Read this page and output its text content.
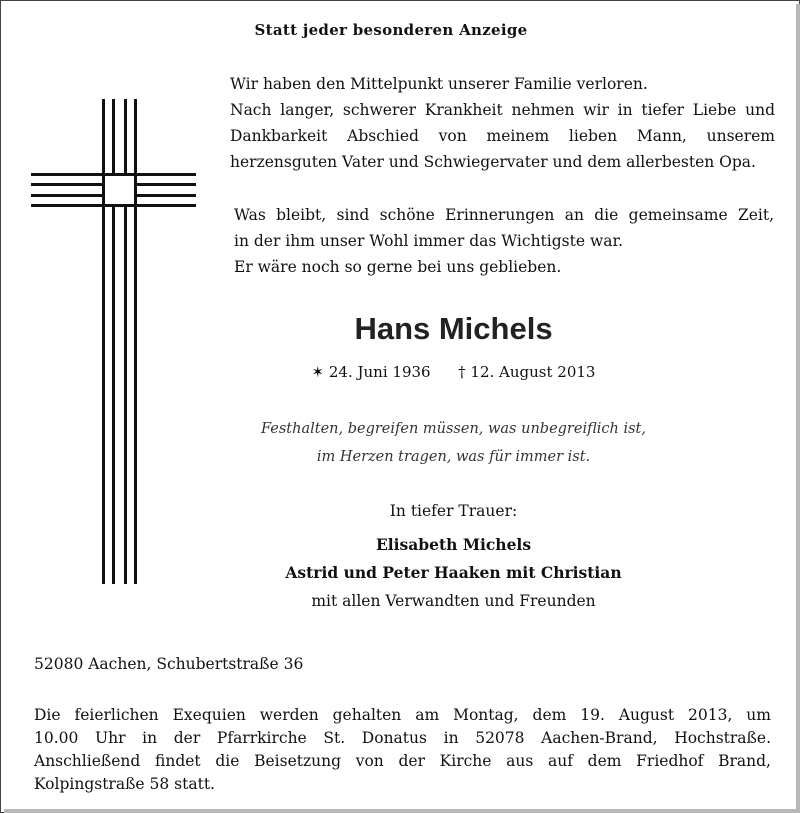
Statt jeder besonderen Anzeige
Wir haben den Mittelpunkt unserer Familie verloren.
Nach langer, schwerer Krankheit nehmen wir in tiefer Liebe und
Dankbarkeit Abschied von meinem lieben Mann, unserem
herzensguten Vater und Schwiegervater und dem allerbesten Opa.
Was bleibt, sind schöne Erinnerungen an die gemeinsame Zeit,
in der ihm unser Wohl immer das Wichtigste war.
Er wäre noch so gerne bei uns geblieben.
Hans Michels
✶ 24. Juni 1936 † 12. August 2013
Festhalten, begreifen müssen, was unbegreiflich ist,
im Herzen tragen, was für immer ist.
In tiefer Trauer:
Elisabeth Michels
Astrid und Peter Haaken mit Christian
mit allen Verwandten und Freunden
52080 Aachen, Schubertstraße 36
Die feierlichen Exequien werden gehalten am Montag, dem 19. August 2013, um
10.00 Uhr in der Pfarrkirche St. Donatus in 52078 Aachen-Brand, Hochstraße.
Anschließend findet die Beisetzung von der Kirche aus auf dem Friedhof Brand,
Kolpingstraße 58 statt.
